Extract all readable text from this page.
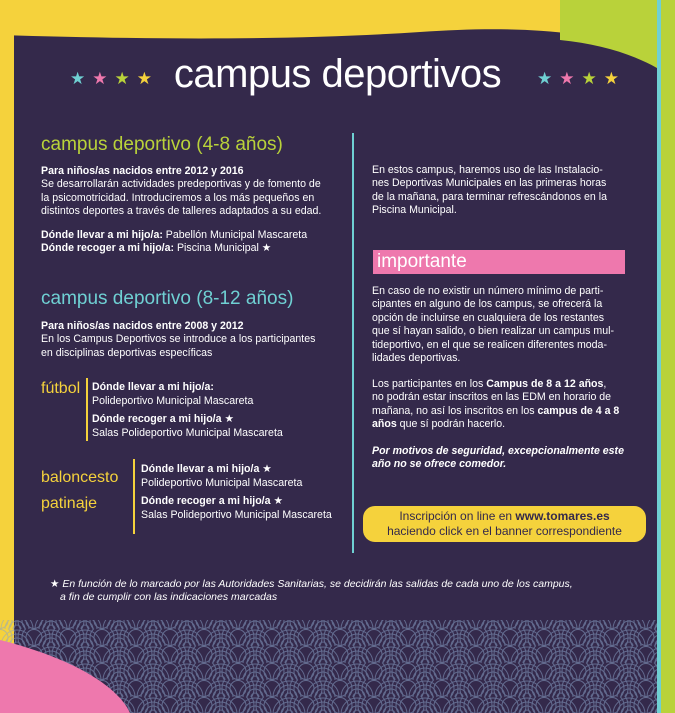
★ ★ ★ ★ campus deportivos	★ ★ ★ ★
campus deportivo (4-8 años)
Para niños/as nacidos entre 2012 y 2016
Se desarrollarán actividades predeportivas y de fomento de
la psicomotricidad. Introduciremos a los más pequeños en
distintos deportes a través de talleres adaptados a su edad.
Dónde llevar a mi hijo/a: Pabellón Municipal Mascareta
Dónde recoger a mi hijo/a: Piscina Municipal ★
campus deportivo (8-12 años)
Para niños/as nacidos entre 2008 y 2012
En los Campus Deportivos se introduce a los participantes
en disciplinas deportivas específicas
fútbol Dónde llevar a mi hijo/a:
Polideportivo Municipal Mascareta
Dónde recoger a mi hijo/a ★
Salas Polideportivo Municipal Mascareta
baloncesto
patinaje
Dónde llevar a mi hijo/a ★
Polideportivo Municipal Mascareta
Dónde recoger a mi hijo/a ★
Salas Polideportivo Municipal Mascareta
En estos campus, haremos uso de las Instalacio-
nes Deportivas Municipales en las primeras horas
de la mañana, para terminar refrescándonos en la
Piscina Municipal.
importante
En caso de no existir un número mínimo de parti-
cipantes en alguno de los campus, se ofrecerá la
opción de incluirse en cualquiera de los restantes
que sí hayan salido, o bien realizar un campus mul-
tideportivo, en el que se realicen diferentes moda-
lidades deportivas.
Los participantes en los Campus de 8 a 12 años,
no podrán estar inscritos en las EDM en horario de
mañana, no así los inscritos en los campus de 4 a 8
años que sí podrán hacerlo.
Por motivos de seguridad, excepcionalmente este
año no se ofrece comedor.
Inscripción on line en www.tomares.es
haciendo click en el banner correspondiente
★ En función de lo marcado por las Autoridades Sanitarias, se decidirán las salidas de cada uno de los campus,
a fin de cumplir con las indicaciones marcadas
